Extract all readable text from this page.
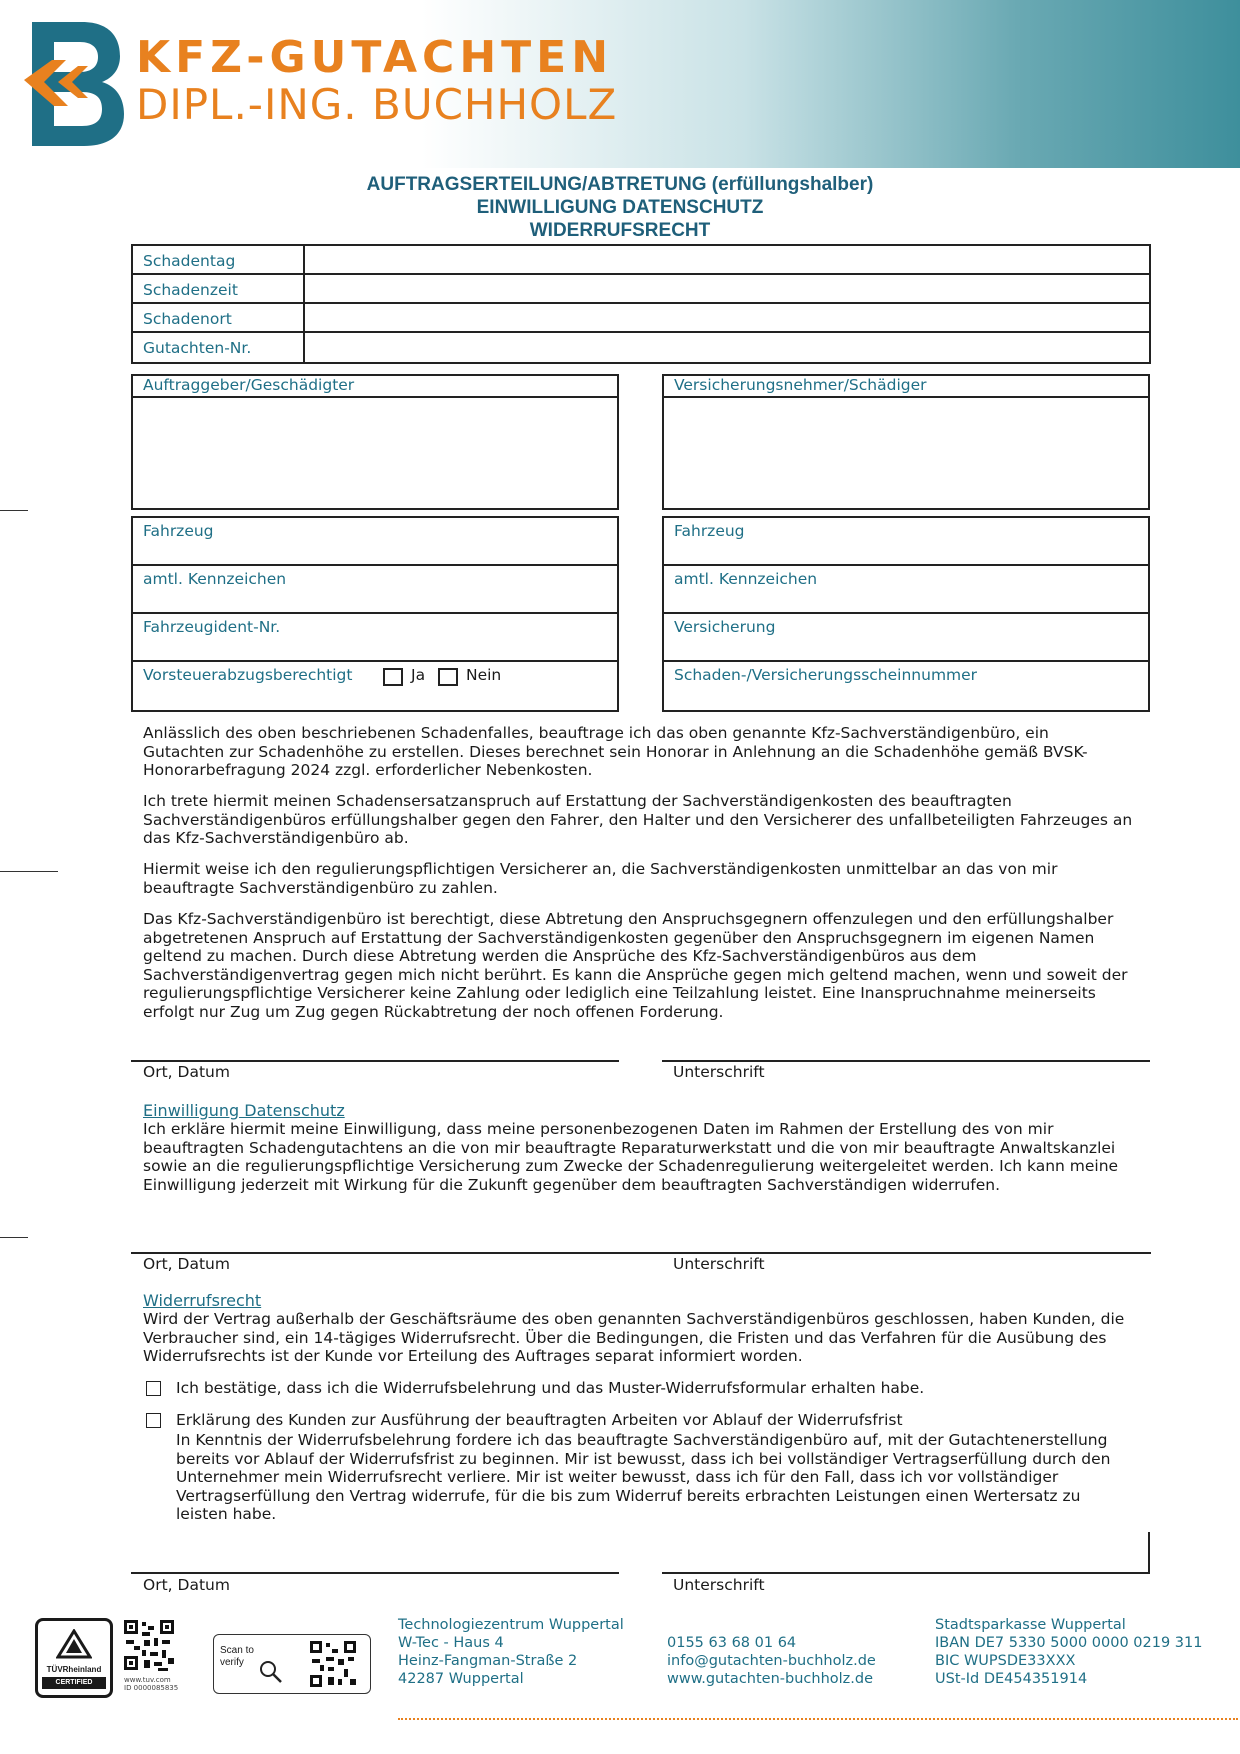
KFZ-GUTACHTEN
DIPL.-ING. BUCHHOLZ
AUFTRAGSERTEILUNG/ABTRETUNG (erfüllungshalber)
EINWILLIGUNG DATENSCHUTZ
WIDERRUFSRECHT
Schadentag
Schadenzeit
Schadenort
Gutachten-Nr.
Auftraggeber/Geschädigter	Versicherungsnehmer/Schädiger
Fahrzeug
amtl. Kennzeichen
Fahrzeugident-Nr.
Vorsteuerabzugsberechtigt	Ja	Nein
Fahrzeug
amtl. Kennzeichen
Versicherung
Schaden-/Versicherungsscheinnummer
Anlässlich des oben beschriebenen Schadenfalles, beauftrage ich das oben genannte Kfz-Sachverständigenbüro, ein Gutachten zur Schadenhöhe zu erstellen. Dieses berechnet sein Honorar in Anlehnung an die Schadenhöhe gemäß BVSK-Honorarbefragung 2024 zzgl. erforderlicher Nebenkosten.
Ich trete hiermit meinen Schadensersatzanspruch auf Erstattung der Sachverständigenkosten des beauftragten Sachverständigenbüros erfüllungshalber gegen den Fahrer, den Halter und den Versicherer des unfallbeteiligten Fahrzeuges an das Kfz-Sachverständigenbüro ab.
Hiermit weise ich den regulierungspflichtigen Versicherer an, die Sachverständigenkosten unmittelbar an das von mir beauftragte Sachverständigenbüro zu zahlen.
Das Kfz-Sachverständigenbüro ist berechtigt, diese Abtretung den Anspruchsgegnern offenzulegen und den erfüllungshalber abgetretenen Anspruch auf Erstattung der Sachverständigenkosten gegenüber den Anspruchsgegnern im eigenen Namen geltend zu machen. Durch diese Abtretung werden die Ansprüche des Kfz-Sachverständigenbüros aus dem Sachverständigenvertrag gegen mich nicht berührt. Es kann die Ansprüche gegen mich geltend machen, wenn und soweit der regulierungspflichtige Versicherer keine Zahlung oder lediglich eine Teilzahlung leistet. Eine Inanspruchnahme meinerseits erfolgt nur Zug um Zug gegen Rückabtretung der noch offenen Forderung.
Ort, Datum	Unterschrift
Einwilligung Datenschutz
Ich erkläre hiermit meine Einwilligung, dass meine personenbezogenen Daten im Rahmen der Erstellung des von mir beauftragten Schadengutachtens an die von mir beauftragte Reparaturwerkstatt und die von mir beauftragte Anwaltskanzlei sowie an die regulierungspflichtige Versicherung zum Zwecke der Schadenregulierung weitergeleitet werden. Ich kann meine Einwilligung jederzeit mit Wirkung für die Zukunft gegenüber dem beauftragten Sachverständigen widerrufen.
Ort, Datum	Unterschrift
Widerrufsrecht
Wird der Vertrag außerhalb der Geschäftsräume des oben genannten Sachverständigenbüros geschlossen, haben Kunden, die Verbraucher sind, ein 14-tägiges Widerrufsrecht. Über die Bedingungen, die Fristen und das Verfahren für die Ausübung des Widerrufsrechts ist der Kunde vor Erteilung des Auftrages separat informiert worden.
Ich bestätige, dass ich die Widerrufsbelehrung und das Muster-Widerrufsformular erhalten habe.
Erklärung des Kunden zur Ausführung der beauftragten Arbeiten vor Ablauf der Widerrufsfrist
In Kenntnis der Widerrufsbelehrung fordere ich das beauftragte Sachverständigenbüro auf, mit der Gutachtenerstellung bereits vor Ablauf der Widerrufsfrist zu beginnen. Mir ist bewusst, dass ich bei vollständiger Vertragserfüllung durch den Unternehmer mein Widerrufsrecht verliere. Mir ist weiter bewusst, dass ich für den Fall, dass ich vor vollständiger Vertragserfüllung den Vertrag widerrufe, für die bis zum Widerruf bereits erbrachten Leistungen einen Wertersatz zu leisten habe.
Ort, Datum	Unterschrift
TÜVRheinland
CERTIFIED	www.tuv.com
ID 0000085835
Scan to
verify
Technologiezentrum Wuppertal
W-Tec - Haus 4
Heinz-Fangman-Straße 2
42287 Wuppertal
0155 63 68 01 64
info@gutachten-buchholz.de
www.gutachten-buchholz.de
Stadtsparkasse Wuppertal
IBAN DE7 5330 5000 0000 0219 311
BIC WUPSDE33XXX
USt-Id DE454351914
